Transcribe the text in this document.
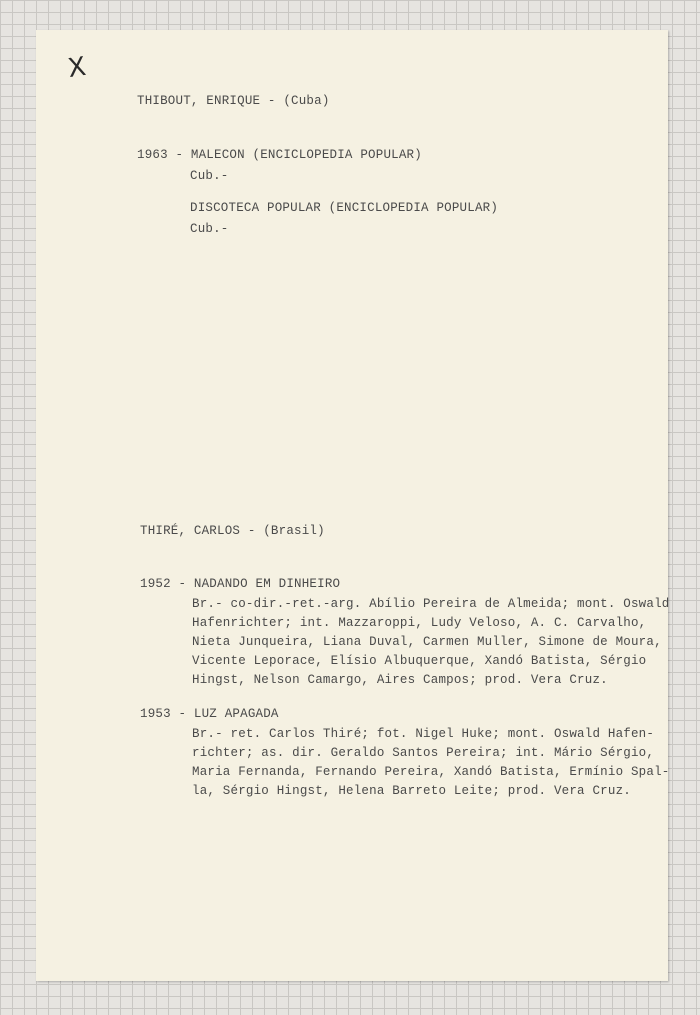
X
THIBOUT, ENRIQUE - (Cuba)
1963 - MALECON (ENCICLOPEDIA POPULAR)
Cub.-
DISCOTECA POPULAR (ENCICLOPEDIA POPULAR)
Cub.-
THIRÉ, CARLOS - (Brasil)
1952 - NADANDO EM DINHEIRO
Br.- co-dir.-ret.-arg. Abílio Pereira de Almeida; mont. Oswald
Hafenrichter; int. Mazzaroppi, Ludy Veloso, A. C. Carvalho,
Nieta Junqueira, Liana Duval, Carmen Muller, Simone de Moura,
Vicente Leporace, Elísio Albuquerque, Xandó Batista, Sérgio
Hingst, Nelson Camargo, Aires Campos; prod. Vera Cruz.
1953 - LUZ APAGADA
Br.- ret. Carlos Thiré; fot. Nigel Huke; mont. Oswald Hafen-
richter; as. dir. Geraldo Santos Pereira; int. Mário Sérgio,
Maria Fernanda, Fernando Pereira, Xandó Batista, Ermínio Spal-
la, Sérgio Hingst, Helena Barreto Leite; prod. Vera Cruz.
